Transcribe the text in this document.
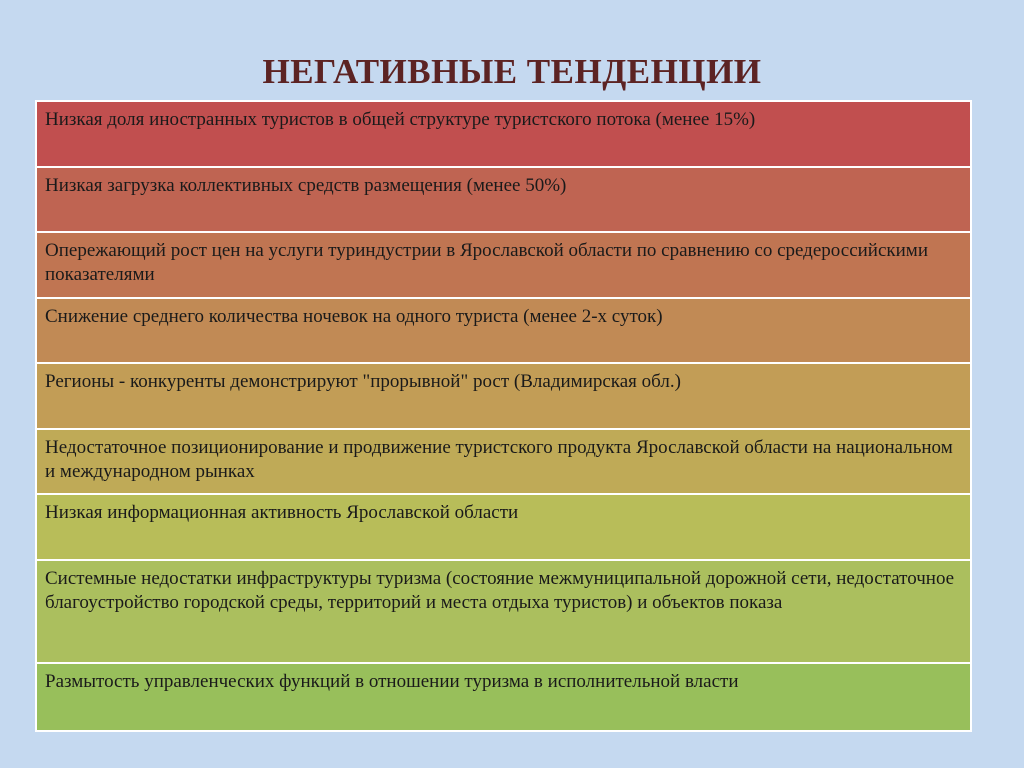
НЕГАТИВНЫЕ ТЕНДЕНЦИИ
Низкая доля иностранных туристов в общей структуре туристского потока (менее 15%)
Низкая загрузка коллективных средств размещения (менее 50%)
Опережающий рост цен на услуги туриндустрии в Ярославской области по сравнению со средероссийскими показателями
Снижение среднего количества ночевок на одного туриста (менее 2-х суток)
Регионы - конкуренты демонстрируют "прорывной" рост (Владимирская обл.)
Недостаточное позиционирование и продвижение туристского продукта Ярославской области на национальном и международном рынках
Низкая информационная активность Ярославской области
Системные недостатки инфраструктуры туризма (состояние межмуниципальной дорожной сети, недостаточное благоустройство городской среды, территорий и места отдыха туристов) и объектов показа
Размытость управленческих функций в отношении туризма в исполнительной власти
